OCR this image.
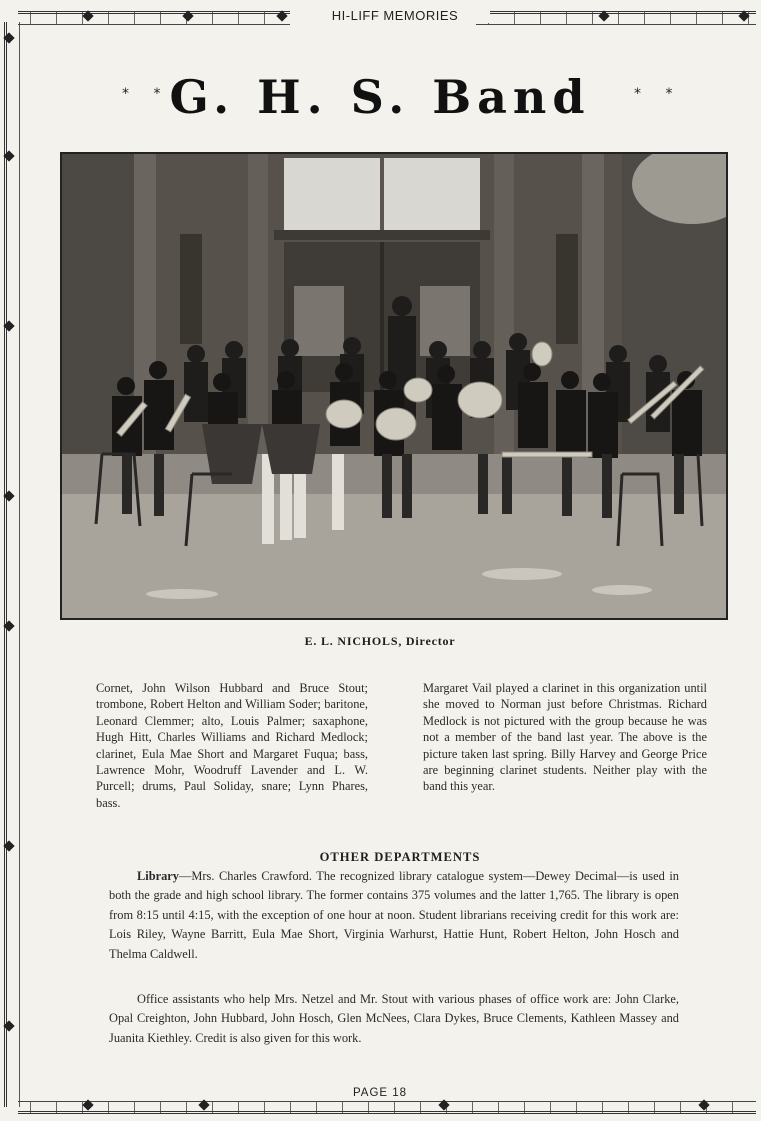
HI-LIFF MEMORIES
* * G. H. S. Band	* *
E. L. NICHOLS, Director
Cornet, John Wilson Hubbard and Bruce Stout; trombone, Robert Helton and William Soder; baritone, Leonard Clemmer; alto, Louis Palmer; saxaphone, Hugh Hitt, Charles Williams and Richard Medlock; clarinet, Eula Mae Short and Margaret Fuqua; bass, Lawrence Mohr, Woodruff Lavender and L. W. Purcell; drums, Paul Soliday, snare; Lynn Phares, bass.
Margaret Vail played a clarinet in this organization until she moved to Norman just before Christmas. Richard Medlock is not pictured with the group because he was not a member of the band last year. The above is the picture taken last spring. Billy Harvey and George Price are beginning clarinet students. Neither play with the band this year.
OTHER DEPARTMENTS
Library—Mrs. Charles Crawford. The recognized library catalogue system—Dewey Decimal—is used in both the grade and high school library. The former contains 375 volumes and the latter 1,765. The library is open from 8:15 until 4:15, with the exception of one hour at noon. Student librarians receiving credit for this work are: Lois Riley, Wayne Barritt, Eula Mae Short, Virginia Warhurst, Hattie Hunt, Robert Helton, John Hosch and Thelma Caldwell.
Office assistants who help Mrs. Netzel and Mr. Stout with various phases of office work are: John Clarke, Opal Creighton, John Hubbard, John Hosch, Glen McNees, Clara Dykes, Bruce Clements, Kathleen Massey and Juanita Kiethley. Credit is also given for this work.
PAGE 18
